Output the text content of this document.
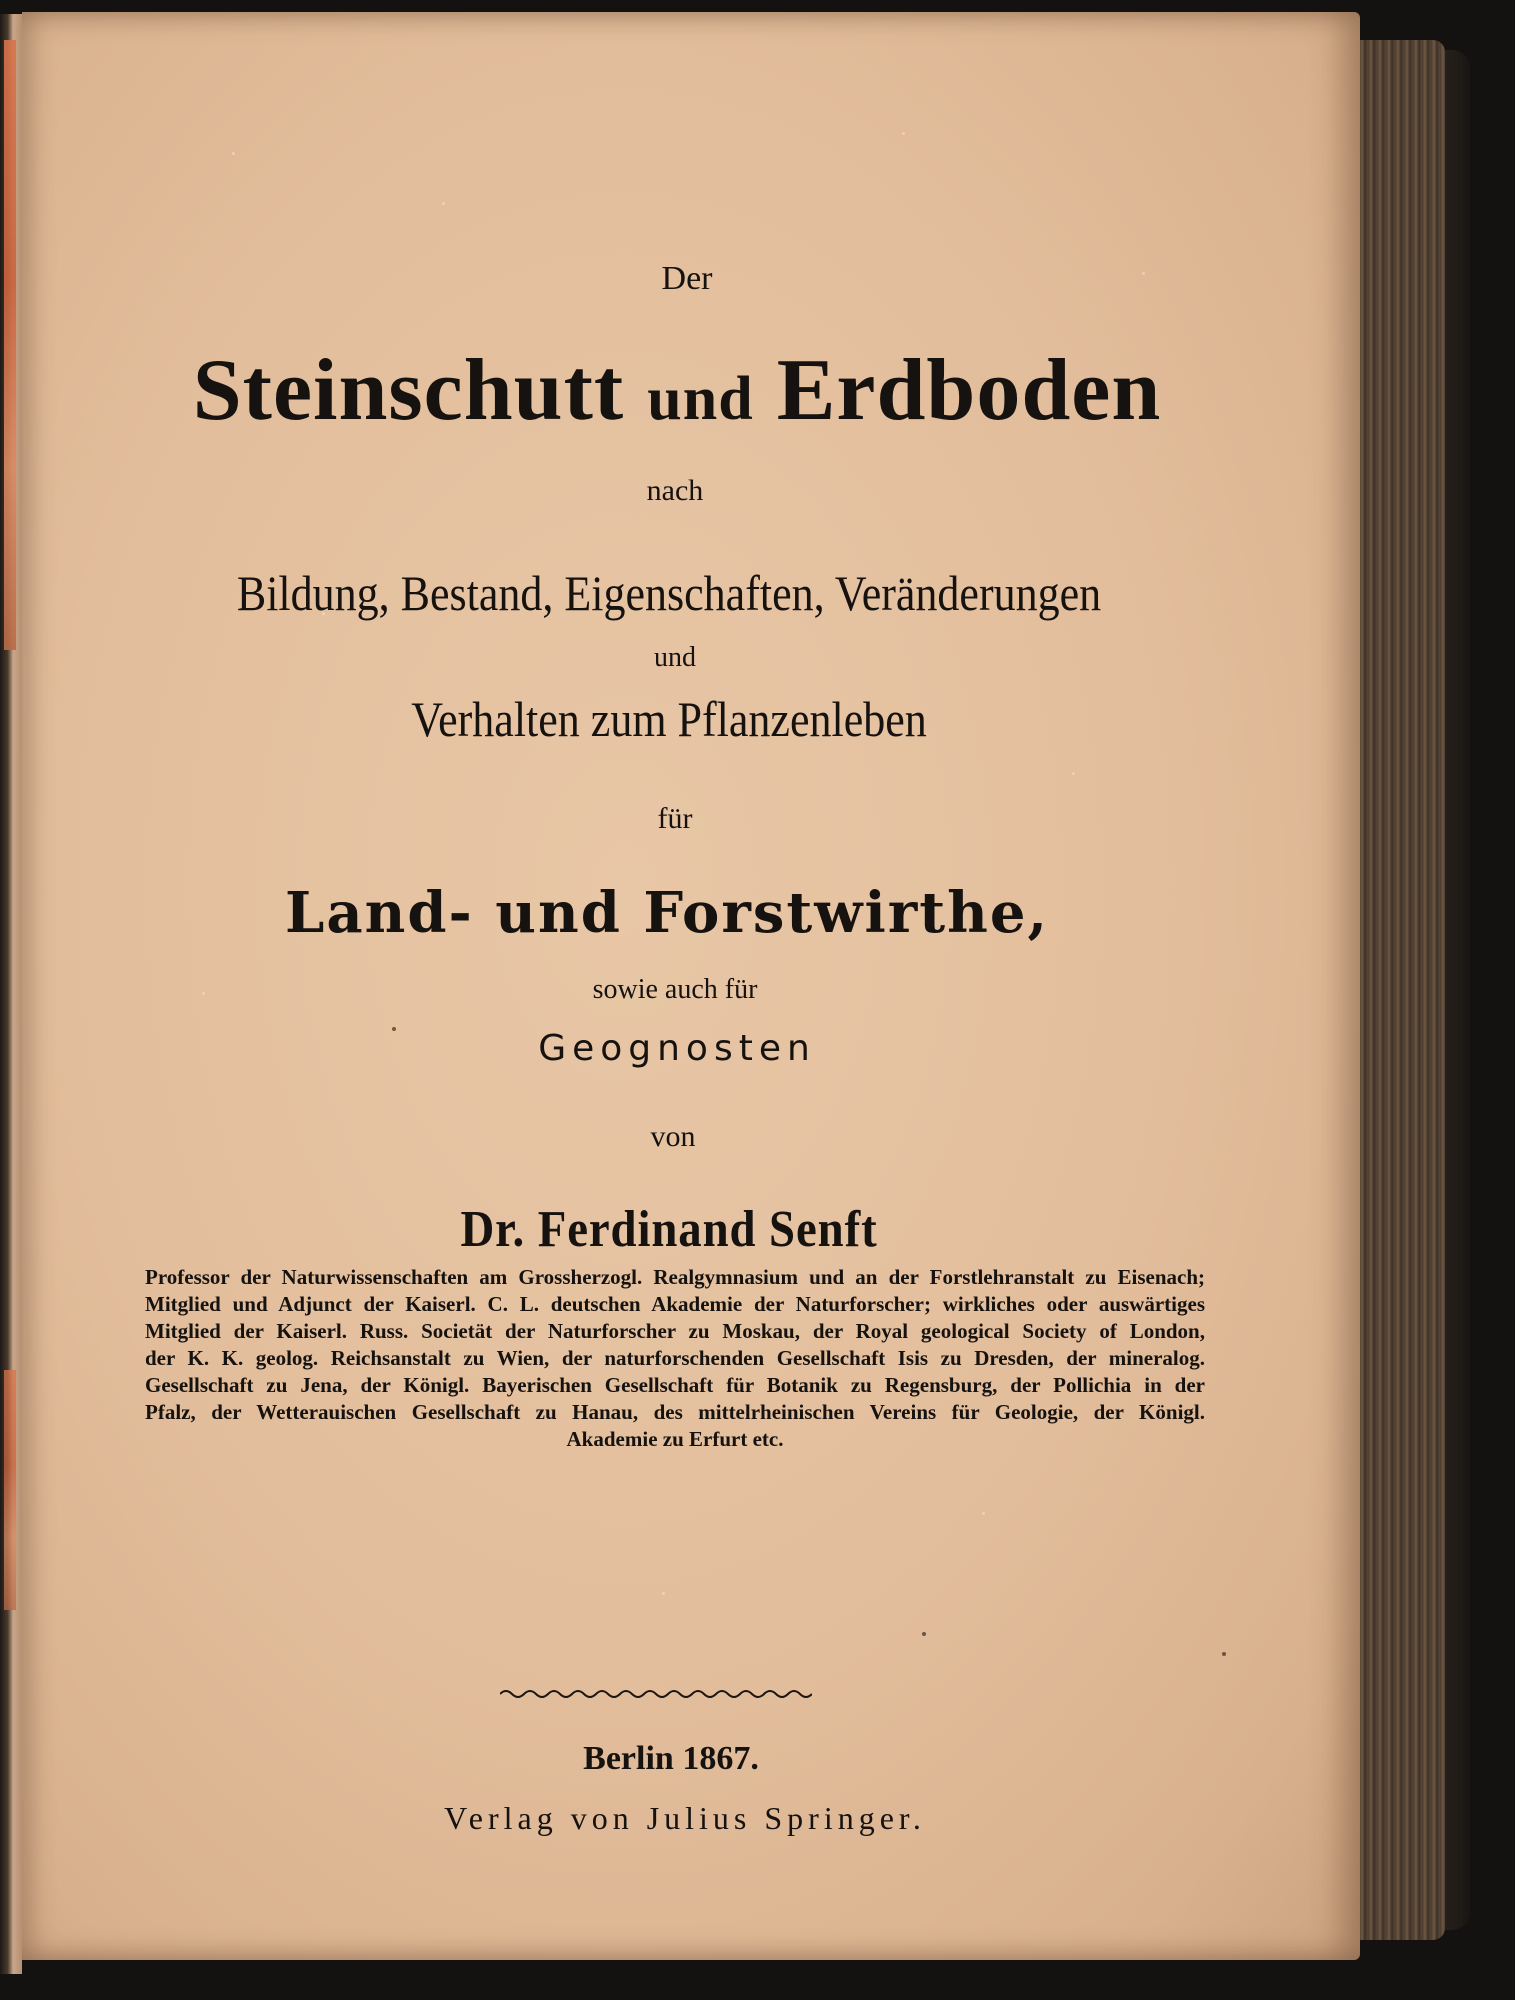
Der
Steinschutt und Erdboden
nach
Bildung, Bestand, Eigenschaften, Veränderungen
und
Verhalten zum Pflanzenleben
für
Land- und Forstwirthe,
sowie auch für
Geognosten
von
Dr. Ferdinand Senft
Professor der Naturwissenschaften am Grossherzogl. Realgymnasium und an der Forstlehranstalt zu Eisenach;
Mitglied und Adjunct der Kaiserl. C. L. deutschen Akademie der Naturforscher; wirkliches oder auswärtiges
Mitglied der Kaiserl. Russ. Societät der Naturforscher zu Moskau, der Royal geological Society of London,
der K. K. geolog. Reichsanstalt zu Wien, der naturforschenden Gesellschaft Isis zu Dresden, der mineralog.
Gesellschaft zu Jena, der Königl. Bayerischen Gesellschaft für Botanik zu Regensburg, der Pollichia in der
Pfalz, der Wetterauischen Gesellschaft zu Hanau, des mittelrheinischen Vereins für Geologie, der Königl.
Akademie zu Erfurt etc.
Berlin 1867.
Verlag von Julius Springer.
